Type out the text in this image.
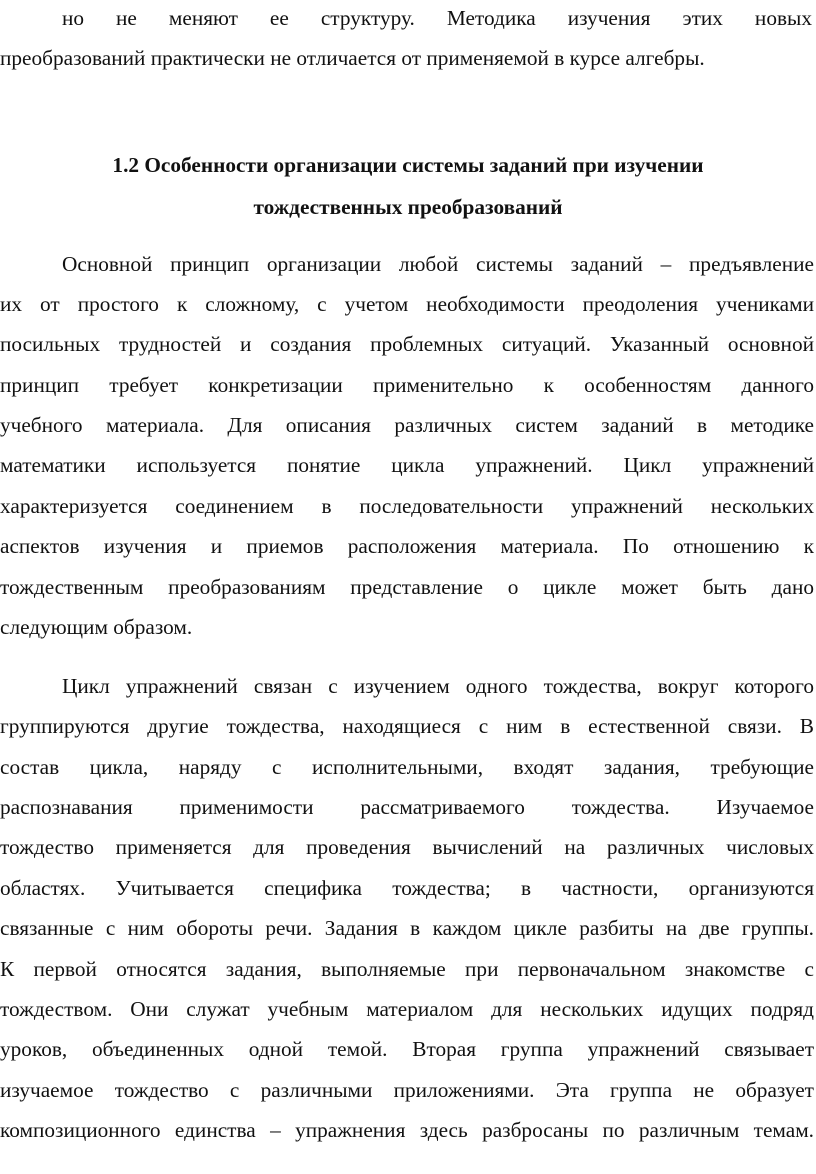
но не меняют ее структуру. Методика изучения этих новых
преобразований практически не отличается от применяемой в курсе алгебры.
1.2 Особенности организации системы заданий при изучении
тождественных преобразований
Основной принцип организации любой системы заданий – предъявление
их от простого к сложному, с учетом необходимости преодоления учениками
посильных трудностей и создания проблемных ситуаций. Указанный основной
принцип требует конкретизации применительно к особенностям данного
учебного материала. Для описания различных систем заданий в методике
математики используется понятие цикла упражнений. Цикл упражнений
характеризуется соединением в последовательности упражнений нескольких
аспектов изучения и приемов расположения материала. По отношению к
тождественным преобразованиям представление о цикле может быть дано
следующим образом.
Цикл упражнений связан с изучением одного тождества, вокруг которого
группируются другие тождества, находящиеся с ним в естественной связи. В
состав цикла, наряду с исполнительными, входят задания, требующие
распознавания применимости рассматриваемого тождества. Изучаемое
тождество применяется для проведения вычислений на различных числовых
областях. Учитывается специфика тождества; в частности, организуются
связанные с ним обороты речи. Задания в каждом цикле разбиты на две группы.
К первой относятся задания, выполняемые при первоначальном знакомстве с
тождеством. Они служат учебным материалом для нескольких идущих подряд
уроков, объединенных одной темой. Вторая группа упражнений связывает
изучаемое тождество с различными приложениями. Эта группа не образует
композиционного единства – упражнения здесь разбросаны по различным темам.
